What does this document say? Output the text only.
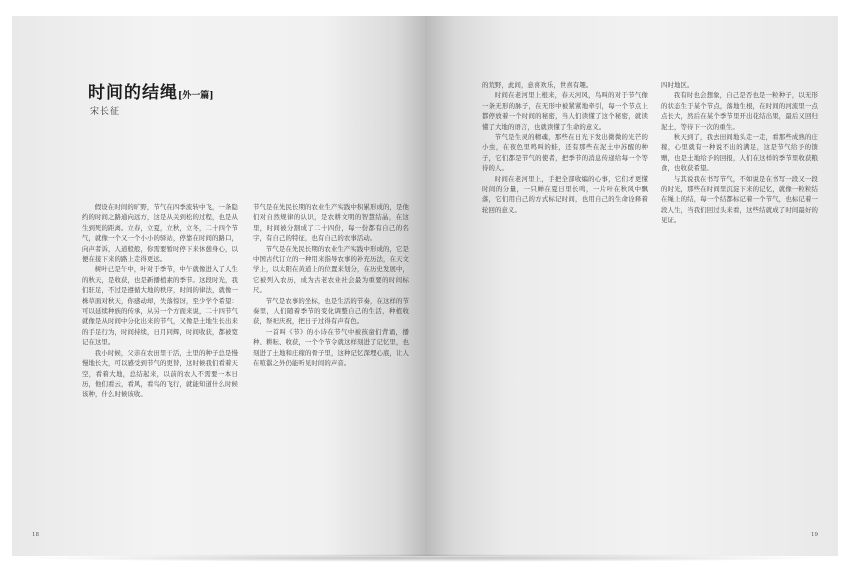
时间的结绳[外一篇]
宋长征

假设在时间的旷野，节气在四季流转中飞，一条隐约的时间之路通向远方，这是从关到松的过程，也是从生到死的距离。立春，立夏，立秋，立冬，二十四个节气，就像一个又一个小小的驿站，停靠在时间的路口，向声者诉，人道般般，你需要暂时停下来休憩身心，以便在接下来的路上走得更远。

树叶已是午中，叶对于季节，中午就像进入了人生的秋天，是收获，也是新播植素的季节。这段时光，我们驻足，不过是遵循大地的秩序，时间的律法，就像一株草面对秋天，你感动却，失落惊讶，至少学个希望：可以延续种族的传承，从另一个方面来说，二十四节气就像是从时间中分化出来的节气，又像是土地生长出来的手足行为，时间持续，日月同辉，时间收获，都被宽记在这里。

我小时候，父亲在农田里干活，土里的种子总是慢慢地长大，可以感受到节气的更替，这时候我们看着天空，看着大地，总结起来，以前的农人不需要一本日历，他们看云，看风，看鸟的飞行，就能知道什么时候该种，什么时候该收。

节气是在先民长期的农业生产实践中积累形成的，是他们对自然规律的认识，是农耕文明的智慧结晶，在这里，时间被分割成了二十四份，每一份都有自己的名字，有自己的特征，也有自己的农事活动。

节气是在先民长期的农业生产实践中形成的，它是中国古代订立的一种用来指导农事的补充历法，在天文学上，以太阳在黄道上的位置来划分，在历史发展中，它被列入农历，成为古老农业社会最为重要的时间标尺。

节气是农事的坐标，也是生活的节奏，在这样的节奏里，人们随着季节的变化调整自己的生活，种植收获，祭祀庆祝，把日子过得有声有色。

一首叫《节》的小诗在节气中被孩童们背诵，播种、耕耘、收获，一个个节令就这样刻进了记忆里，也刻进了土地和庄稼的骨子里，这种记忆深埋心底，让人在喧嚣之外仍能听见时间的声音。

18

的荒野，此间，意喜欢乐，世喜有趣。

时间在老河里上根来，春天河风，鸟叫的对于节气像一条无形的脉子，在无形中被紧紧地牵引，每一个节点上都停放着一个时间的秘密，当人们读懂了这个秘密，就读懂了大地的语言，也就读懂了生命的意义。

节气是生灵的精魂，那些在日光下发出微微的光芒的小虫，在夜色里鸣叫的蛙，还有那些在泥土中苏醒的种子，它们都是节气的使者，把季节的消息传递给每一个等待的人。

时间在老河里上，手把全部收编的心事，它们才更懂时间的分量，一只蝉在夏日里长鸣，一片叶在秋风中飘落，它们用自己的方式标记时间，也用自己的生命诠释着轮回的意义。

四时地区。

我有时也会想象，自己是否也是一粒种子，以无形的状态生于某个节点，落地生根，在时间的河流里一点点长大，然后在某个季节里开出花结出果，最后又回归泥土，等待下一次的重生。

秋天到了，我去田间地头走一走，看那些成熟的庄稼，心里就有一种说不出的满足，这是节气给予的馈赠，也是土地给予的回报，人们在这样的季节里收获粮食，也收获希望。

与其说我在书写节气，不如说是在书写一段又一段的时光，那些在时间里沉淀下来的记忆，就像一粒粒结在绳上的结，每一个结都标记着一个节气，也标记着一段人生，当我们回过头来看，这些结就成了时间最好的见证。

19
